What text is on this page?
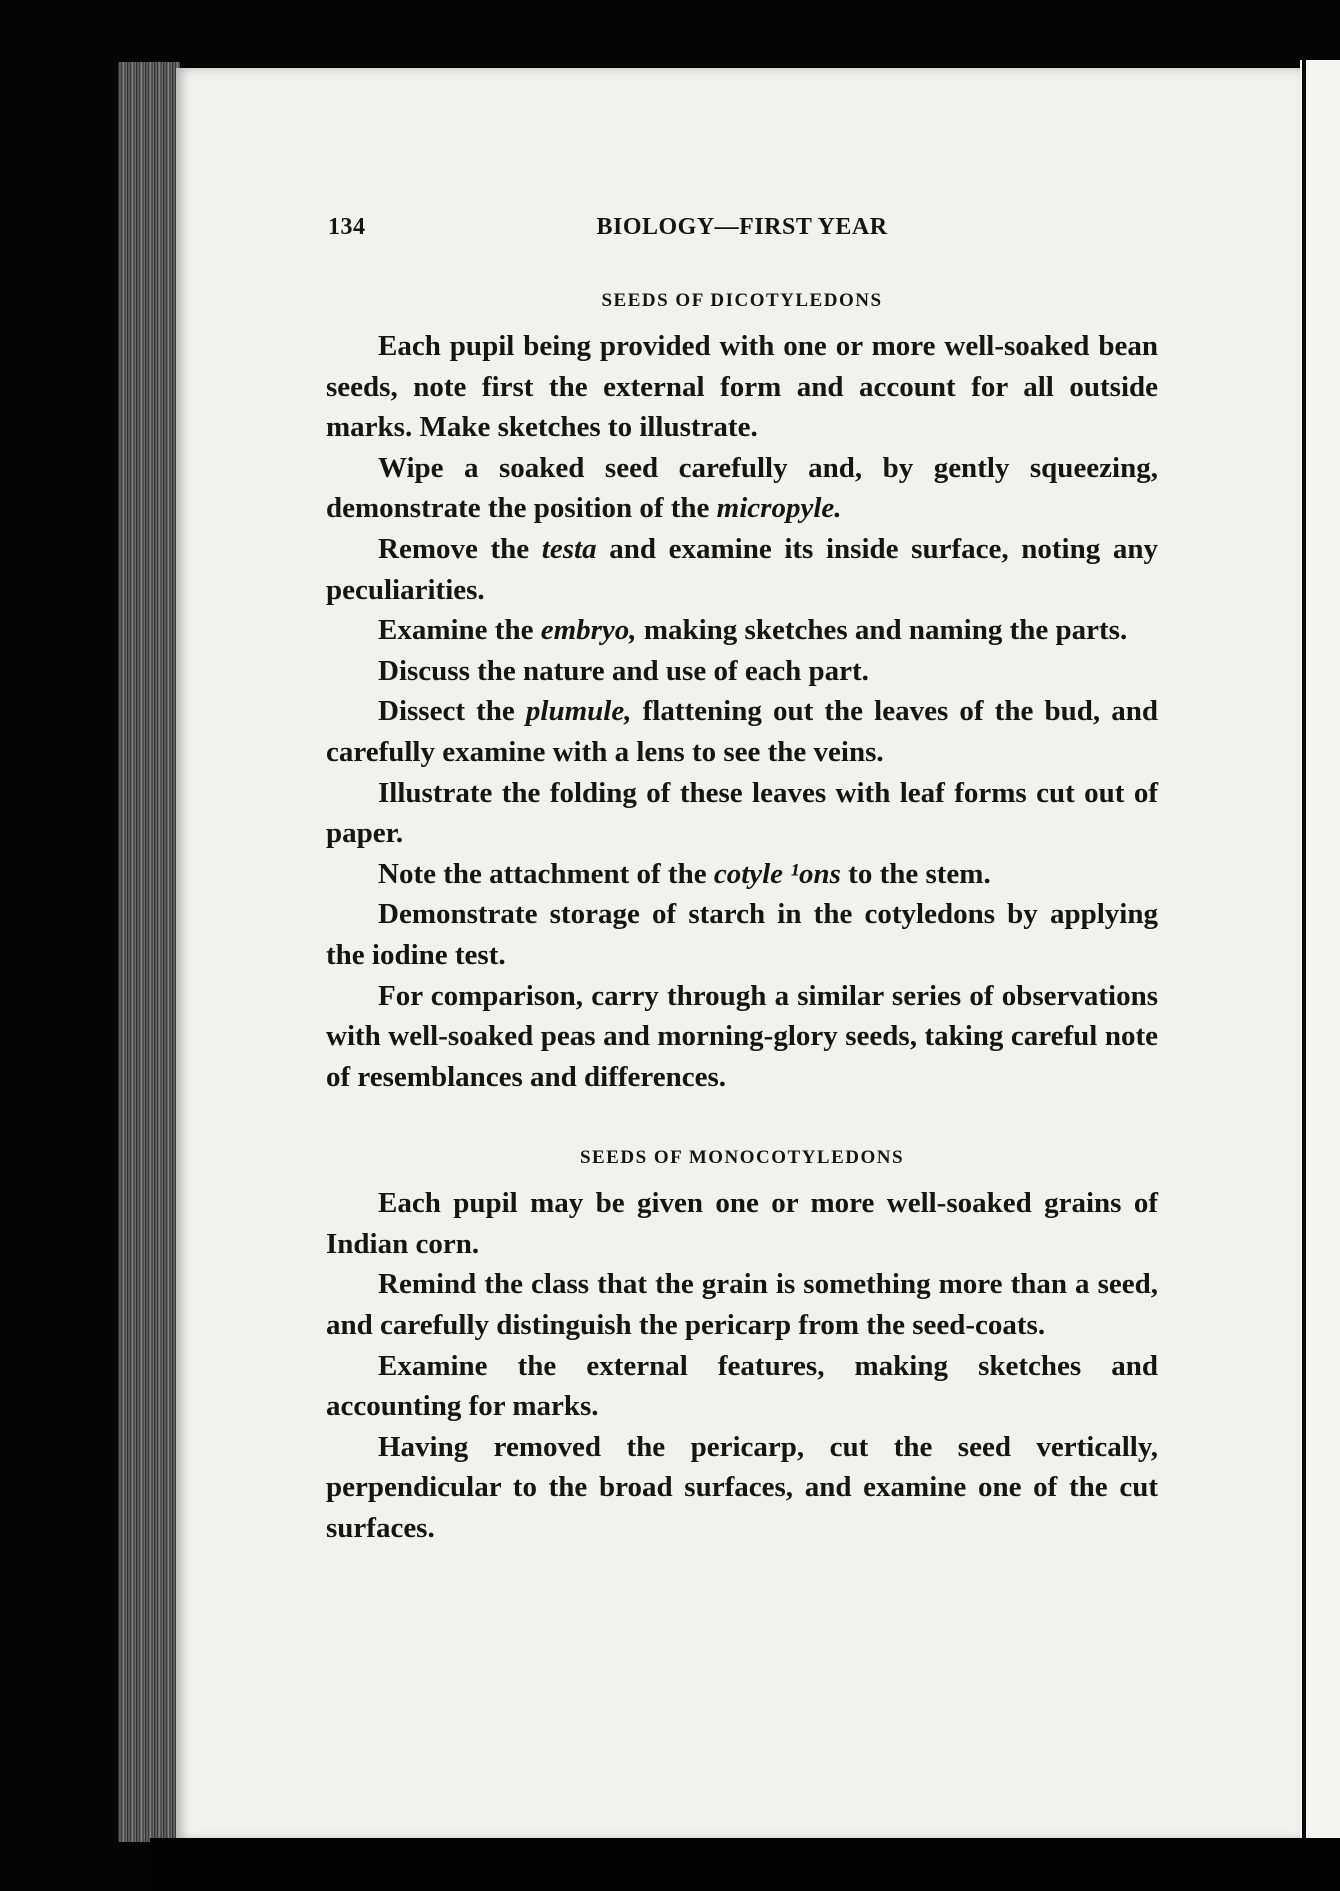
134	BIOLOGY—FIRST YEAR
SEEDS OF DICOTYLEDONS

Each pupil being provided with one or more well-soaked bean seeds, note first the external form and account for all outside marks. Make sketches to illustrate.

Wipe a soaked seed carefully and, by gently squeezing, demonstrate the position of the micropyle.

Remove the testa and examine its inside surface, noting any peculiarities.

Examine the embryo, making sketches and naming the parts.

Discuss the nature and use of each part.

Dissect the plumule, flattening out the leaves of the bud, and carefully examine with a lens to see the veins.

Illustrate the folding of these leaves with leaf forms cut out of paper.

Note the attachment of the cotyle ¹ons to the stem.

Demonstrate storage of starch in the cotyledons by applying the iodine test.

For comparison, carry through a similar series of observations with well-soaked peas and morning-glory seeds, taking careful note of resemblances and differences.

SEEDS OF MONOCOTYLEDONS

Each pupil may be given one or more well-soaked grains of Indian corn.

Remind the class that the grain is something more than a seed, and carefully distinguish the pericarp from the seed-coats.

Examine the external features, making sketches and accounting for marks.

Having removed the pericarp, cut the seed vertically, perpendicular to the broad surfaces, and examine one of the cut surfaces.
